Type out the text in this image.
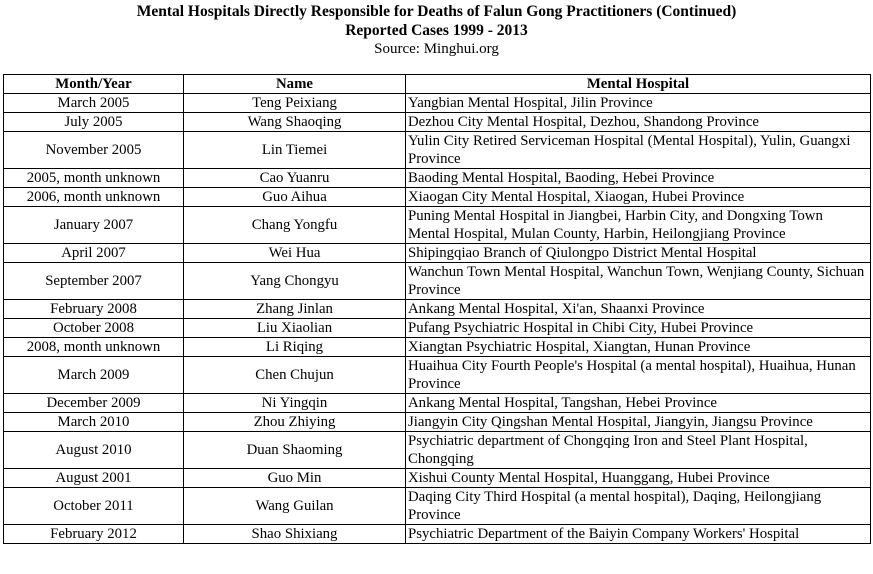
Mental Hospitals Directly Responsible for Deaths of Falun Gong Practitioners (Continued)
Reported Cases 1999 - 2013
Source: Minghui.org
Month/Year	Name	Mental Hospital
March 2005	Teng Peixiang	Yangbian Mental Hospital, Jilin Province
July 2005	Wang Shaoqing	Dezhou City Mental Hospital, Dezhou, Shandong Province
November 2005	Lin Tiemei	Yulin City Retired Serviceman Hospital (Mental Hospital), Yulin, Guangxi Province
2005, month unknown	Cao Yuanru	Baoding Mental Hospital, Baoding, Hebei Province
2006, month unknown	Guo Aihua	Xiaogan City Mental Hospital, Xiaogan, Hubei Province
January 2007	Chang Yongfu	Puning Mental Hospital in Jiangbei, Harbin City, and Dongxing Town Mental Hospital, Mulan County, Harbin, Heilongjiang Province
April 2007	Wei Hua	Shipingqiao Branch of Qiulongpo District Mental Hospital
September 2007	Yang Chongyu	Wanchun Town Mental Hospital, Wanchun Town, Wenjiang County, Sichuan Province
February 2008	Zhang Jinlan	Ankang Mental Hospital, Xi'an, Shaanxi Province
October 2008	Liu Xiaolian	Pufang Psychiatric Hospital in Chibi City, Hubei Province
2008, month unknown	Li Riqing	Xiangtan Psychiatric Hospital, Xiangtan, Hunan Province
March 2009	Chen Chujun	Huaihua City Fourth People's Hospital (a mental hospital), Huaihua, Hunan Province
December 2009	Ni Yingqin	Ankang Mental Hospital, Tangshan, Hebei Province
March 2010	Zhou Zhiying	Jiangyin City Qingshan Mental Hospital, Jiangyin, Jiangsu Province
August 2010	Duan Shaoming	Psychiatric department of Chongqing Iron and Steel Plant Hospital, Chongqing
August 2001	Guo Min	Xishui County Mental Hospital, Huanggang, Hubei Province
October 2011	Wang Guilan	Daqing City Third Hospital (a mental hospital), Daqing, Heilongjiang Province
February 2012	Shao Shixiang	Psychiatric Department of the Baiyin Company Workers' Hospital
